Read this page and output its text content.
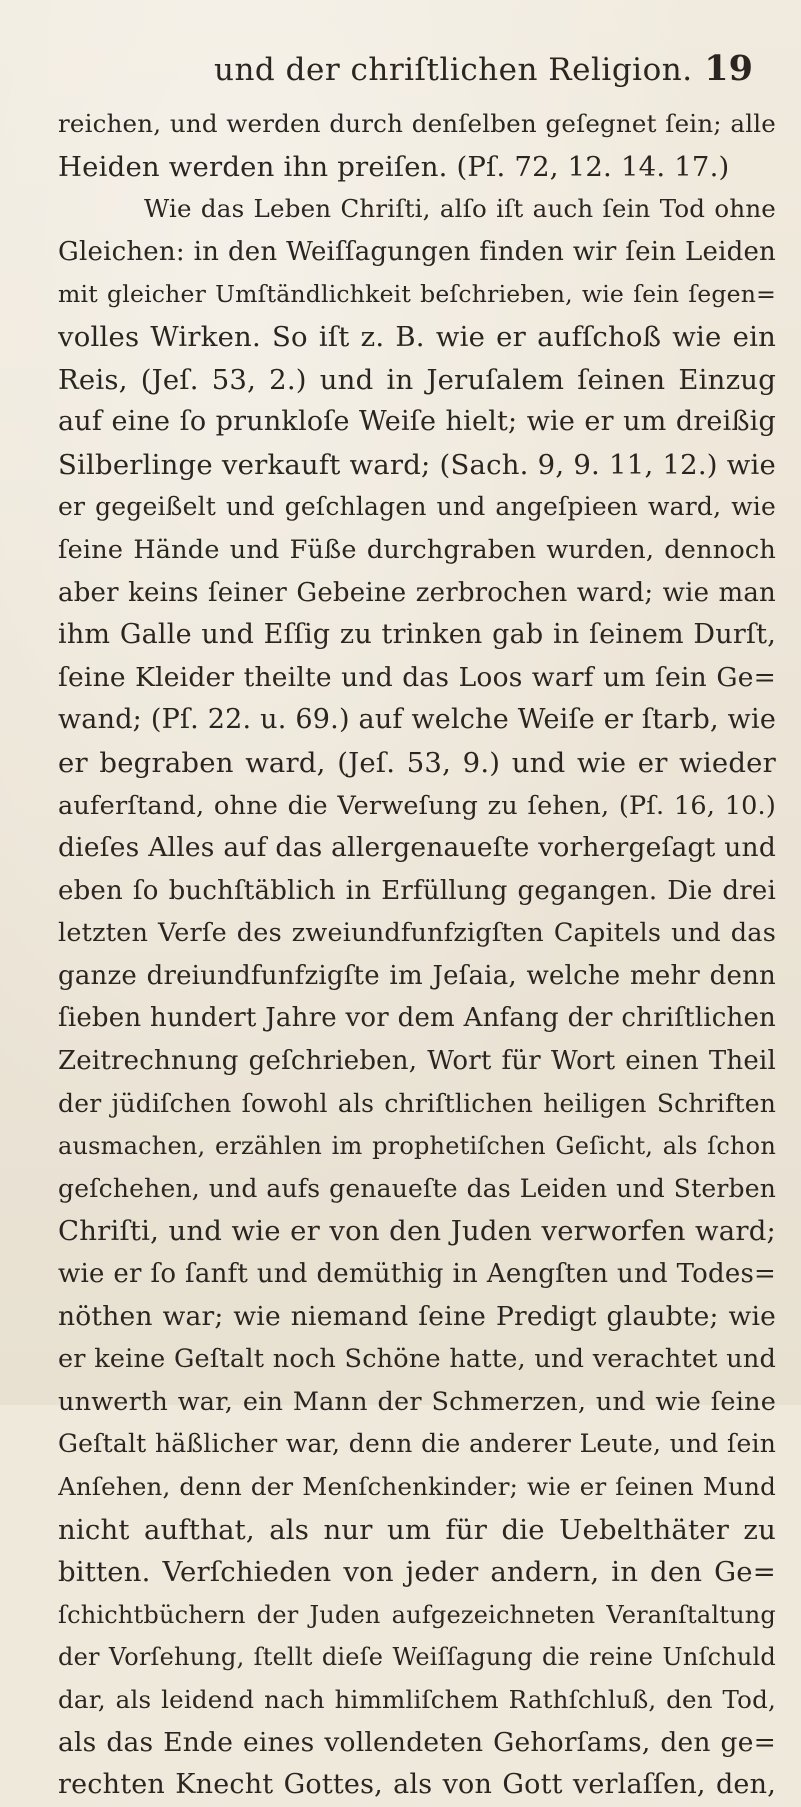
und der chriſtlichen Religion. 19
reichen, und werden durch denſelben geſegnet ſein; alle
Heiden werden ihn preiſen. (Pſ. 72, 12. 14. 17.)
Wie das Leben Chriſti, alſo iſt auch ſein Tod ohne
Gleichen: in den Weiſſagungen finden wir ſein Leiden
mit gleicher Umſtändlichkeit beſchrieben, wie ſein ſegen=
volles Wirken. So iſt z. B. wie er aufſchoß wie ein
Reis, (Jeſ. 53, 2.) und in Jeruſalem ſeinen Einzug
auf eine ſo prunkloſe Weiſe hielt; wie er um dreißig
Silberlinge verkauft ward; (Sach. 9, 9. 11, 12.) wie
er gegeißelt und geſchlagen und angeſpieen ward, wie
ſeine Hände und Füße durchgraben wurden, dennoch
aber keins ſeiner Gebeine zerbrochen ward; wie man
ihm Galle und Eſſig zu trinken gab in ſeinem Durſt,
ſeine Kleider theilte und das Loos warf um ſein Ge=
wand; (Pſ. 22. u. 69.) auf welche Weiſe er ſtarb, wie
er begraben ward, (Jeſ. 53, 9.) und wie er wieder
auferſtand, ohne die Verweſung zu ſehen, (Pſ. 16, 10.)
dieſes Alles auf das allergenaueſte vorhergeſagt und
eben ſo buchſtäblich in Erfüllung gegangen. Die drei
letzten Verſe des zweiundfunfzigſten Capitels und das
ganze dreiundfunfzigſte im Jeſaia, welche mehr denn
ſieben hundert Jahre vor dem Anfang der chriſtlichen
Zeitrechnung geſchrieben, Wort für Wort einen Theil
der jüdiſchen ſowohl als chriſtlichen heiligen Schriften
ausmachen, erzählen im prophetiſchen Geſicht, als ſchon
geſchehen, und aufs genaueſte das Leiden und Sterben
Chriſti, und wie er von den Juden verworfen ward;
wie er ſo ſanft und demüthig in Aengſten und Todes=
nöthen war; wie niemand ſeine Predigt glaubte; wie
er keine Geſtalt noch Schöne hatte, und verachtet und
unwerth war, ein Mann der Schmerzen, und wie ſeine
Geſtalt häßlicher war, denn die anderer Leute, und ſein
Anſehen, denn der Menſchenkinder; wie er ſeinen Mund
nicht aufthat, als nur um für die Uebelthäter zu
bitten. Verſchieden von jeder andern, in den Ge=
ſchichtbüchern der Juden aufgezeichneten Veranſtaltung
der Vorſehung, ſtellt dieſe Weiſſagung die reine Unſchuld
dar, als leidend nach himmliſchem Rathſchluß, den Tod,
als das Ende eines vollendeten Gehorſams, den ge=
rechten Knecht Gottes, als von Gott verlaſſen, den,
